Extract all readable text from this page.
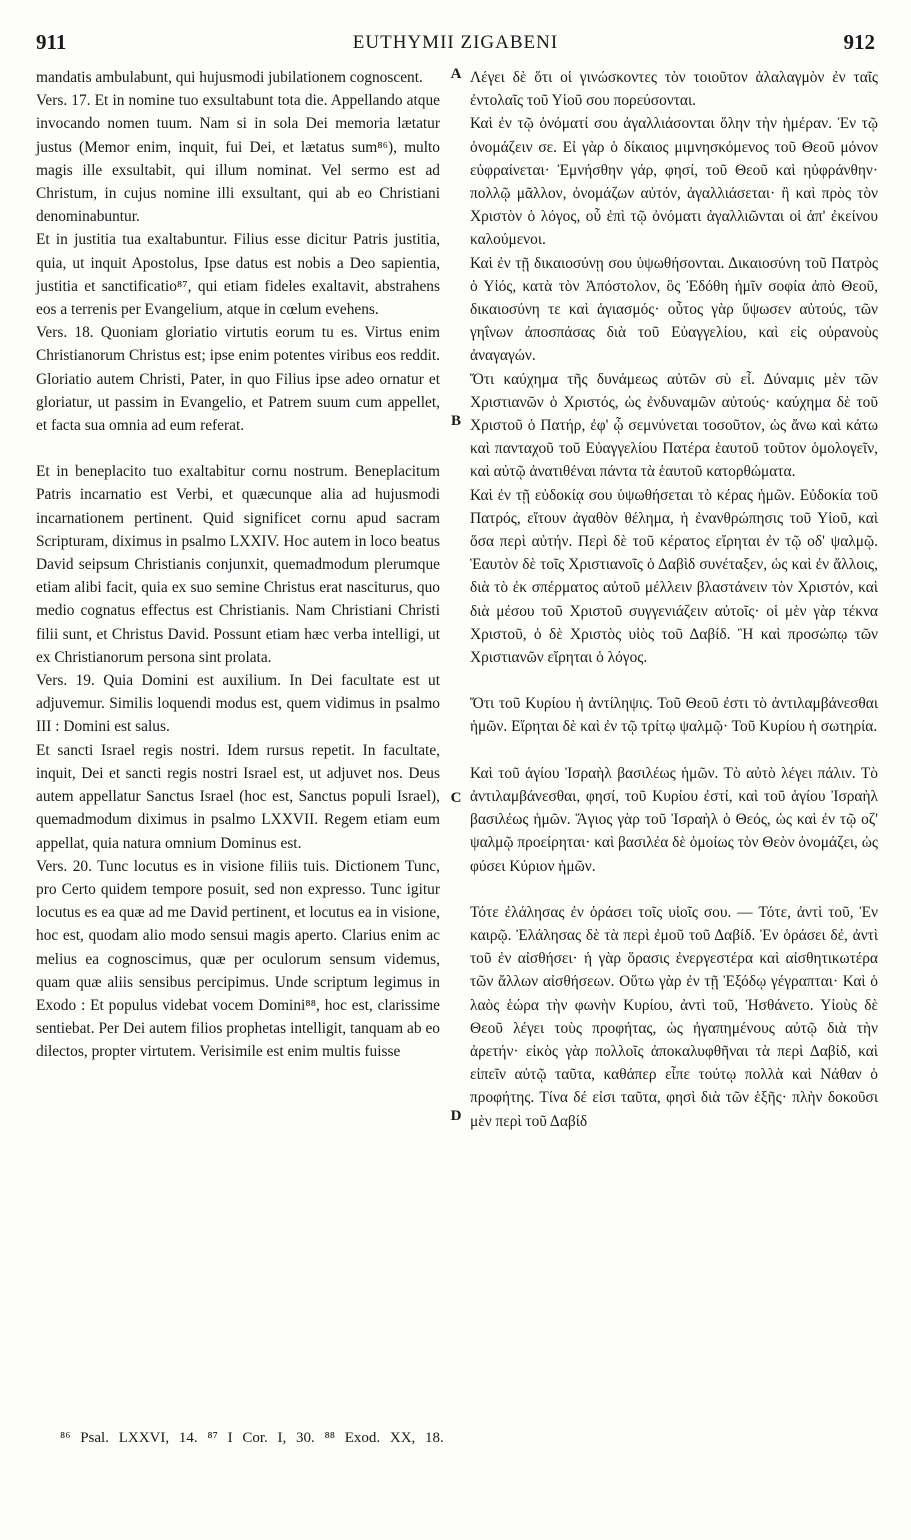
911	EUTHYMII ZIGABENI	912

mandatis ambulabunt, qui hujusmodi jubilationem cognoscent.

Vers. 17. Et in nomine tuo exsultabunt tota die. Appellando atque invocando nomen tuum. Nam si in sola Dei memoria lætatur justus (Memor enim, inquit, fui Dei, et lætatus sum⁸⁶), multo magis ille exsultabit, qui illum nominat. Vel sermo est ad Christum, in cujus nomine illi exsultant, qui ab eo Christiani denominabuntur.

Et in justitia tua exaltabuntur. Filius esse dicitur Patris justitia, quia, ut inquit Apostolus, Ipse datus est nobis a Deo sapientia, justitia et sanctificatio⁸⁷, qui etiam fideles exaltavit, abstrahens eos a terrenis per Evangelium, atque in cœlum evehens.

Vers. 18. Quoniam gloriatio virtutis eorum tu es. Virtus enim Christianorum Christus est; ipse enim potentes viribus eos reddit. Gloriatio autem Christi, Pater, in quo Filius ipse adeo ornatur et gloriatur, ut passim in Evangelio, et Patrem suum cum appellet, et facta sua omnia ad eum referat.

Et in beneplacito tuo exaltabitur cornu nostrum. Beneplacitum Patris incarnatio est Verbi, et quæcunque alia ad hujusmodi incarnationem pertinent. Quid significet cornu apud sacram Scripturam, diximus in psalmo LXXIV. Hoc autem in loco beatus David seipsum Christianis conjunxit, quemadmodum plerumque etiam alibi facit, quia ex suo semine Christus erat nasciturus, quo medio cognatus effectus est Christianis. Nam Christiani Christi filii sunt, et Christus David. Possunt etiam hæc verba intelligi, ut ex Christianorum persona sint prolata.

Vers. 19. Quia Domini est auxilium. In Dei facultate est ut adjuvemur. Similis loquendi modus est, quem vidimus in psalmo III : Domini est salus.

Et sancti Israel regis nostri. Idem rursus repetit. In facultate, inquit, Dei et sancti regis nostri Israel est, ut adjuvet nos. Deus autem appellatur Sanctus Israel (hoc est, Sanctus populi Israel), quemadmodum diximus in psalmo LXXVII. Regem etiam eum appellat, quia natura omnium Dominus est.

Vers. 20. Tunc locutus es in visione filiis tuis. Dictionem Tunc, pro Certo quidem tempore posuit, sed non expresso. Tunc igitur locutus es ea quæ ad me David pertinent, et locutus ea in visione, hoc est, quodam alio modo sensui magis aperto. Clarius enim ac melius ea cognoscimus, quæ per oculorum sensum videmus, quam quæ aliis sensibus percipimus. Unde scriptum legimus in Exodo : Et populus videbat vocem Domini⁸⁸, hoc est, clarissime sentiebat. Per Dei autem filios prophetas intelligit, tanquam ab eo dilectos, propter virtutem. Verisimile est enim multis fuisse

A
B
C
D

Λέγει δὲ ὅτι οἱ γινώσκοντες τὸν τοιοῦτον ἀλαλαγμὸν ἐν ταῖς ἐντολαῖς τοῦ Υἱοῦ σου πορεύσονται.

Καὶ ἐν τῷ ὀνόματί σου ἀγαλλιάσονται ὅλην τὴν ἡμέραν. Ἐν τῷ ὀνομάζειν σε. Εἰ γὰρ ὁ δίκαιος μιμνησκόμενος τοῦ Θεοῦ μόνον εὐφραίνεται· Ἐμνήσθην γάρ, φησί, τοῦ Θεοῦ καὶ ηὐφράνθην· πολλῷ μᾶλλον, ὀνομάζων αὐτόν, ἀγαλλιάσεται· ἢ καὶ πρὸς τὸν Χριστὸν ὁ λόγος, οὗ ἐπὶ τῷ ὀνόματι ἀγαλλιῶνται οἱ ἀπ' ἐκείνου καλούμενοι.

Καὶ ἐν τῇ δικαιοσύνῃ σου ὑψωθήσονται. Δικαιοσύνη τοῦ Πατρὸς ὁ Υἱός, κατὰ τὸν Ἀπόστολον, ὃς Ἐδόθη ἡμῖν σοφία ἀπὸ Θεοῦ, δικαιοσύνη τε καὶ ἁγιασμός· οὗτος γὰρ ὕψωσεν αὐτούς, τῶν γηΐνων ἀποσπάσας διὰ τοῦ Εὐαγγελίου, καὶ εἰς οὐρανοὺς ἀναγαγών.

Ὅτι καύχημα τῆς δυνάμεως αὐτῶν σὺ εἶ. Δύναμις μὲν τῶν Χριστιανῶν ὁ Χριστός, ὡς ἐνδυναμῶν αὐτούς· καύχημα δὲ τοῦ Χριστοῦ ὁ Πατήρ, ἐφ' ᾧ σεμνύνεται τοσοῦτον, ὡς ἄνω καὶ κάτω καὶ πανταχοῦ τοῦ Εὐαγγελίου Πατέρα ἑαυτοῦ τοῦτον ὁμολογεῖν, καὶ αὐτῷ ἀνατιθέναι πάντα τὰ ἑαυτοῦ κατορθώματα.

Καὶ ἐν τῇ εὐδοκίᾳ σου ὑψωθήσεται τὸ κέρας ἡμῶν. Εὐδοκία τοῦ Πατρός, εἴτουν ἀγαθὸν θέλημα, ἡ ἐνανθρώπησις τοῦ Υἱοῦ, καὶ ὅσα περὶ αὐτήν. Περὶ δὲ τοῦ κέρατος εἴρηται ἐν τῷ οδ' ψαλμῷ. Ἑαυτὸν δὲ τοῖς Χριστιανοῖς ὁ Δαβὶδ συνέταξεν, ὡς καὶ ἐν ἄλλοις, διὰ τὸ ἐκ σπέρματος αὐτοῦ μέλλειν βλαστάνειν τὸν Χριστόν, καὶ διὰ μέσου τοῦ Χριστοῦ συγγενιάζειν αὐτοῖς· οἱ μὲν γὰρ τέκνα Χριστοῦ, ὁ δὲ Χριστὸς υἱὸς τοῦ Δαβίδ. Ἢ καὶ προσώπῳ τῶν Χριστιανῶν εἴρηται ὁ λόγος.

Ὅτι τοῦ Κυρίου ἡ ἀντίληψις. Τοῦ Θεοῦ ἐστι τὸ ἀντιλαμβάνεσθαι ἡμῶν. Εἴρηται δὲ καὶ ἐν τῷ τρίτῳ ψαλμῷ· Τοῦ Κυρίου ἡ σωτηρία.

Καὶ τοῦ ἁγίου Ἰσραὴλ βασιλέως ἡμῶν. Τὸ αὐτὸ λέγει πάλιν. Τὸ ἀντιλαμβάνεσθαι, φησί, τοῦ Κυρίου ἐστί, καὶ τοῦ ἁγίου Ἰσραὴλ βασιλέως ἡμῶν. Ἅγιος γὰρ τοῦ Ἰσραὴλ ὁ Θεός, ὡς καὶ ἐν τῷ οζ' ψαλμῷ προείρηται· καὶ βασιλέα δὲ ὁμοίως τὸν Θεὸν ὀνομάζει, ὡς φύσει Κύριον ἡμῶν.

Τότε ἐλάλησας ἐν ὁράσει τοῖς υἱοῖς σου. — Τότε, ἀντὶ τοῦ, Ἐν καιρῷ. Ἐλάλησας δὲ τὰ περὶ ἐμοῦ τοῦ Δαβίδ. Ἐν ὁράσει δέ, ἀντὶ τοῦ ἐν αἰσθήσει· ἡ γὰρ ὅρασις ἐνεργεστέρα καὶ αἰσθητικωτέρα τῶν ἄλλων αἰσθήσεων. Οὕτω γὰρ ἐν τῇ Ἐξόδῳ γέγραπται· Καὶ ὁ λαὸς ἑώρα τὴν φωνὴν Κυρίου, ἀντὶ τοῦ, Ἠσθάνετο. Υἱοὺς δὲ Θεοῦ λέγει τοὺς προφήτας, ὡς ἠγαπημένους αὐτῷ διὰ τὴν ἀρετήν· εἰκὸς γὰρ πολλοῖς ἀποκαλυφθῆναι τὰ περὶ Δαβίδ, καὶ εἰπεῖν αὐτῷ ταῦτα, καθάπερ εἶπε τούτῳ πολλὰ καὶ Νάθαν ὁ προφήτης. Τίνα δέ εἰσι ταῦτα, φησὶ διὰ τῶν ἑξῆς· πλὴν δοκοῦσι μὲν περὶ τοῦ Δαβίδ

⁸⁶ Psal. LXXVI, 14. ⁸⁷ I Cor. I, 30. ⁸⁸ Exod. XX, 18.
